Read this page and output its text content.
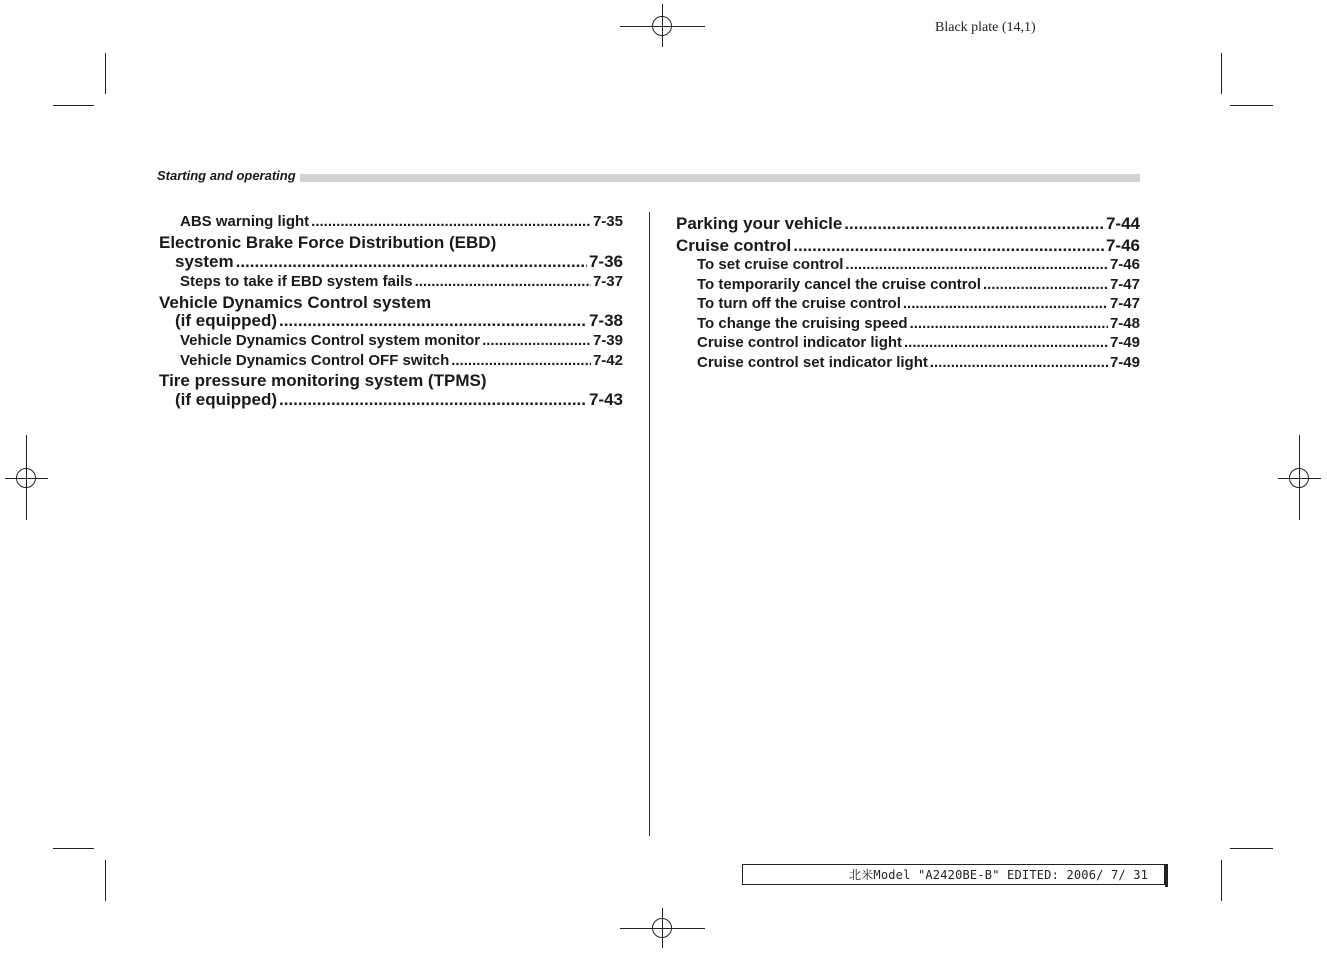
Black plate (14,1)
Starting and operating
ABS warning light .....	7-35
Electronic Brake Force Distribution (EBD)
system .....	7-36
Steps to take if EBD system fails .....	7-37
Vehicle Dynamics Control system
(if equipped) .....	7-38
Vehicle Dynamics Control system monitor .....	7-39
Vehicle Dynamics Control OFF switch .....	7-42
Tire pressure monitoring system (TPMS)
(if equipped) .....	7-43
Parking your vehicle .....	7-44
Cruise control .....	7-46
To set cruise control .....	7-46
To temporarily cancel the cruise control .....	7-47
To turn off the cruise control .....	7-47
To change the cruising speed .....	7-48
Cruise control indicator light .....	7-49
Cruise control set indicator light .....	7-49
北米Model "A2420BE-B" EDITED: 2006/ 7/ 31
